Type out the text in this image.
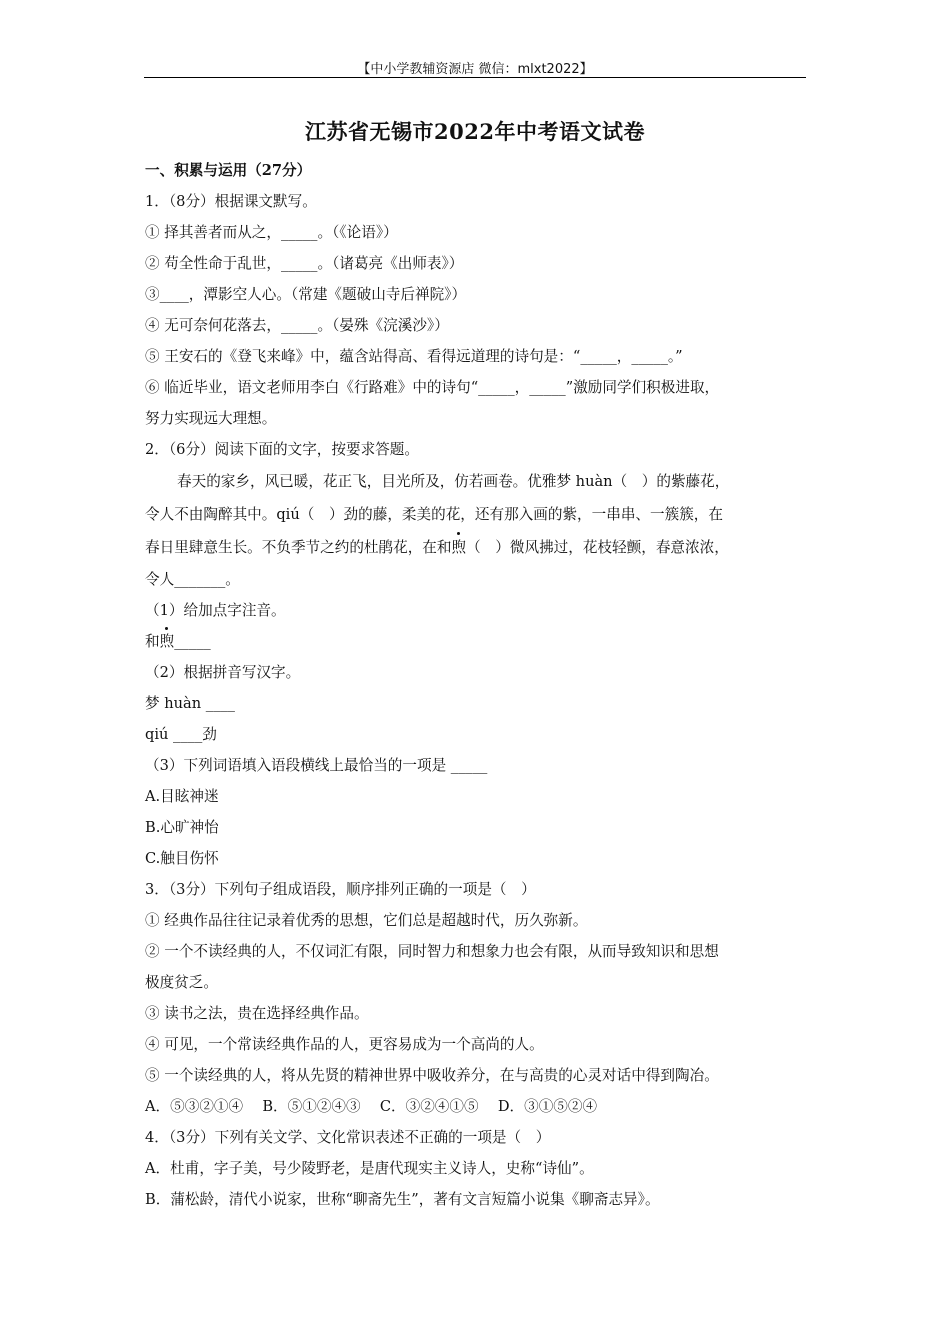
【中小学教辅资源店 微信：mlxt2022】
江苏省无锡市2022年中考语文试卷
一、积累与运用（27分）
1．（8分）根据课文默写。
① 择其善者而从之，_____。（《论语》）
② 苟全性命于乱世，_____。（诸葛亮《出师表》）
③____，潭影空人心。（常建《题破山寺后禅院》）
④ 无可奈何花落去，_____。（晏殊《浣溪沙》）
⑤ 王安石的《登飞来峰》中，蕴含站得高、看得远道理的诗句是：“_____，_____。”
⑥ 临近毕业，语文老师用李白《行路难》中的诗句“_____，_____”激励同学们积极进取，
努力实现远大理想。
2．（6分）阅读下面的文字，按要求答题。
春天的家乡，风已暖，花正飞，目光所及，仿若画卷。优雅梦 huàn（　）的紫藤花，
令人不由陶醉其中。qiú（　）劲的藤，柔美的花，还有那入画的紫，一串串、一簇簇，在
春日里肆意生长。不负季节之约的杜鹃花，在和煦（　）微风拂过，花枝轻颤，春意浓浓，
令人_______。
（1）给加点字注音。
和煦_____
（2）根据拼音写汉字。
梦 huàn ____
qiú ____劲
（3）下列词语填入语段横线上最恰当的一项是 _____
A.目眩神迷
B.心旷神怡
C.触目伤怀
3．（3分）下列句子组成语段，顺序排列正确的一项是（　）
① 经典作品往往记录着优秀的思想，它们总是超越时代，历久弥新。
② 一个不读经典的人，不仅词汇有限，同时智力和想象力也会有限，从而导致知识和思想
极度贫乏。
③ 读书之法，贵在选择经典作品。
④ 可见，一个常读经典作品的人，更容易成为一个高尚的人。
⑤ 一个读经典的人，将从先贤的精神世界中吸收养分，在与高贵的心灵对话中得到陶冶。
A．⑤③②①④　 B．⑤①②④③　 C．③②④①⑤　 D．③①⑤②④
4．（3分）下列有关文学、文化常识表述不正确的一项是（　）
A．杜甫，字子美，号少陵野老，是唐代现实主义诗人，史称“诗仙”。
B．蒲松龄，清代小说家，世称“聊斋先生”，著有文言短篇小说集《聊斋志异》。
